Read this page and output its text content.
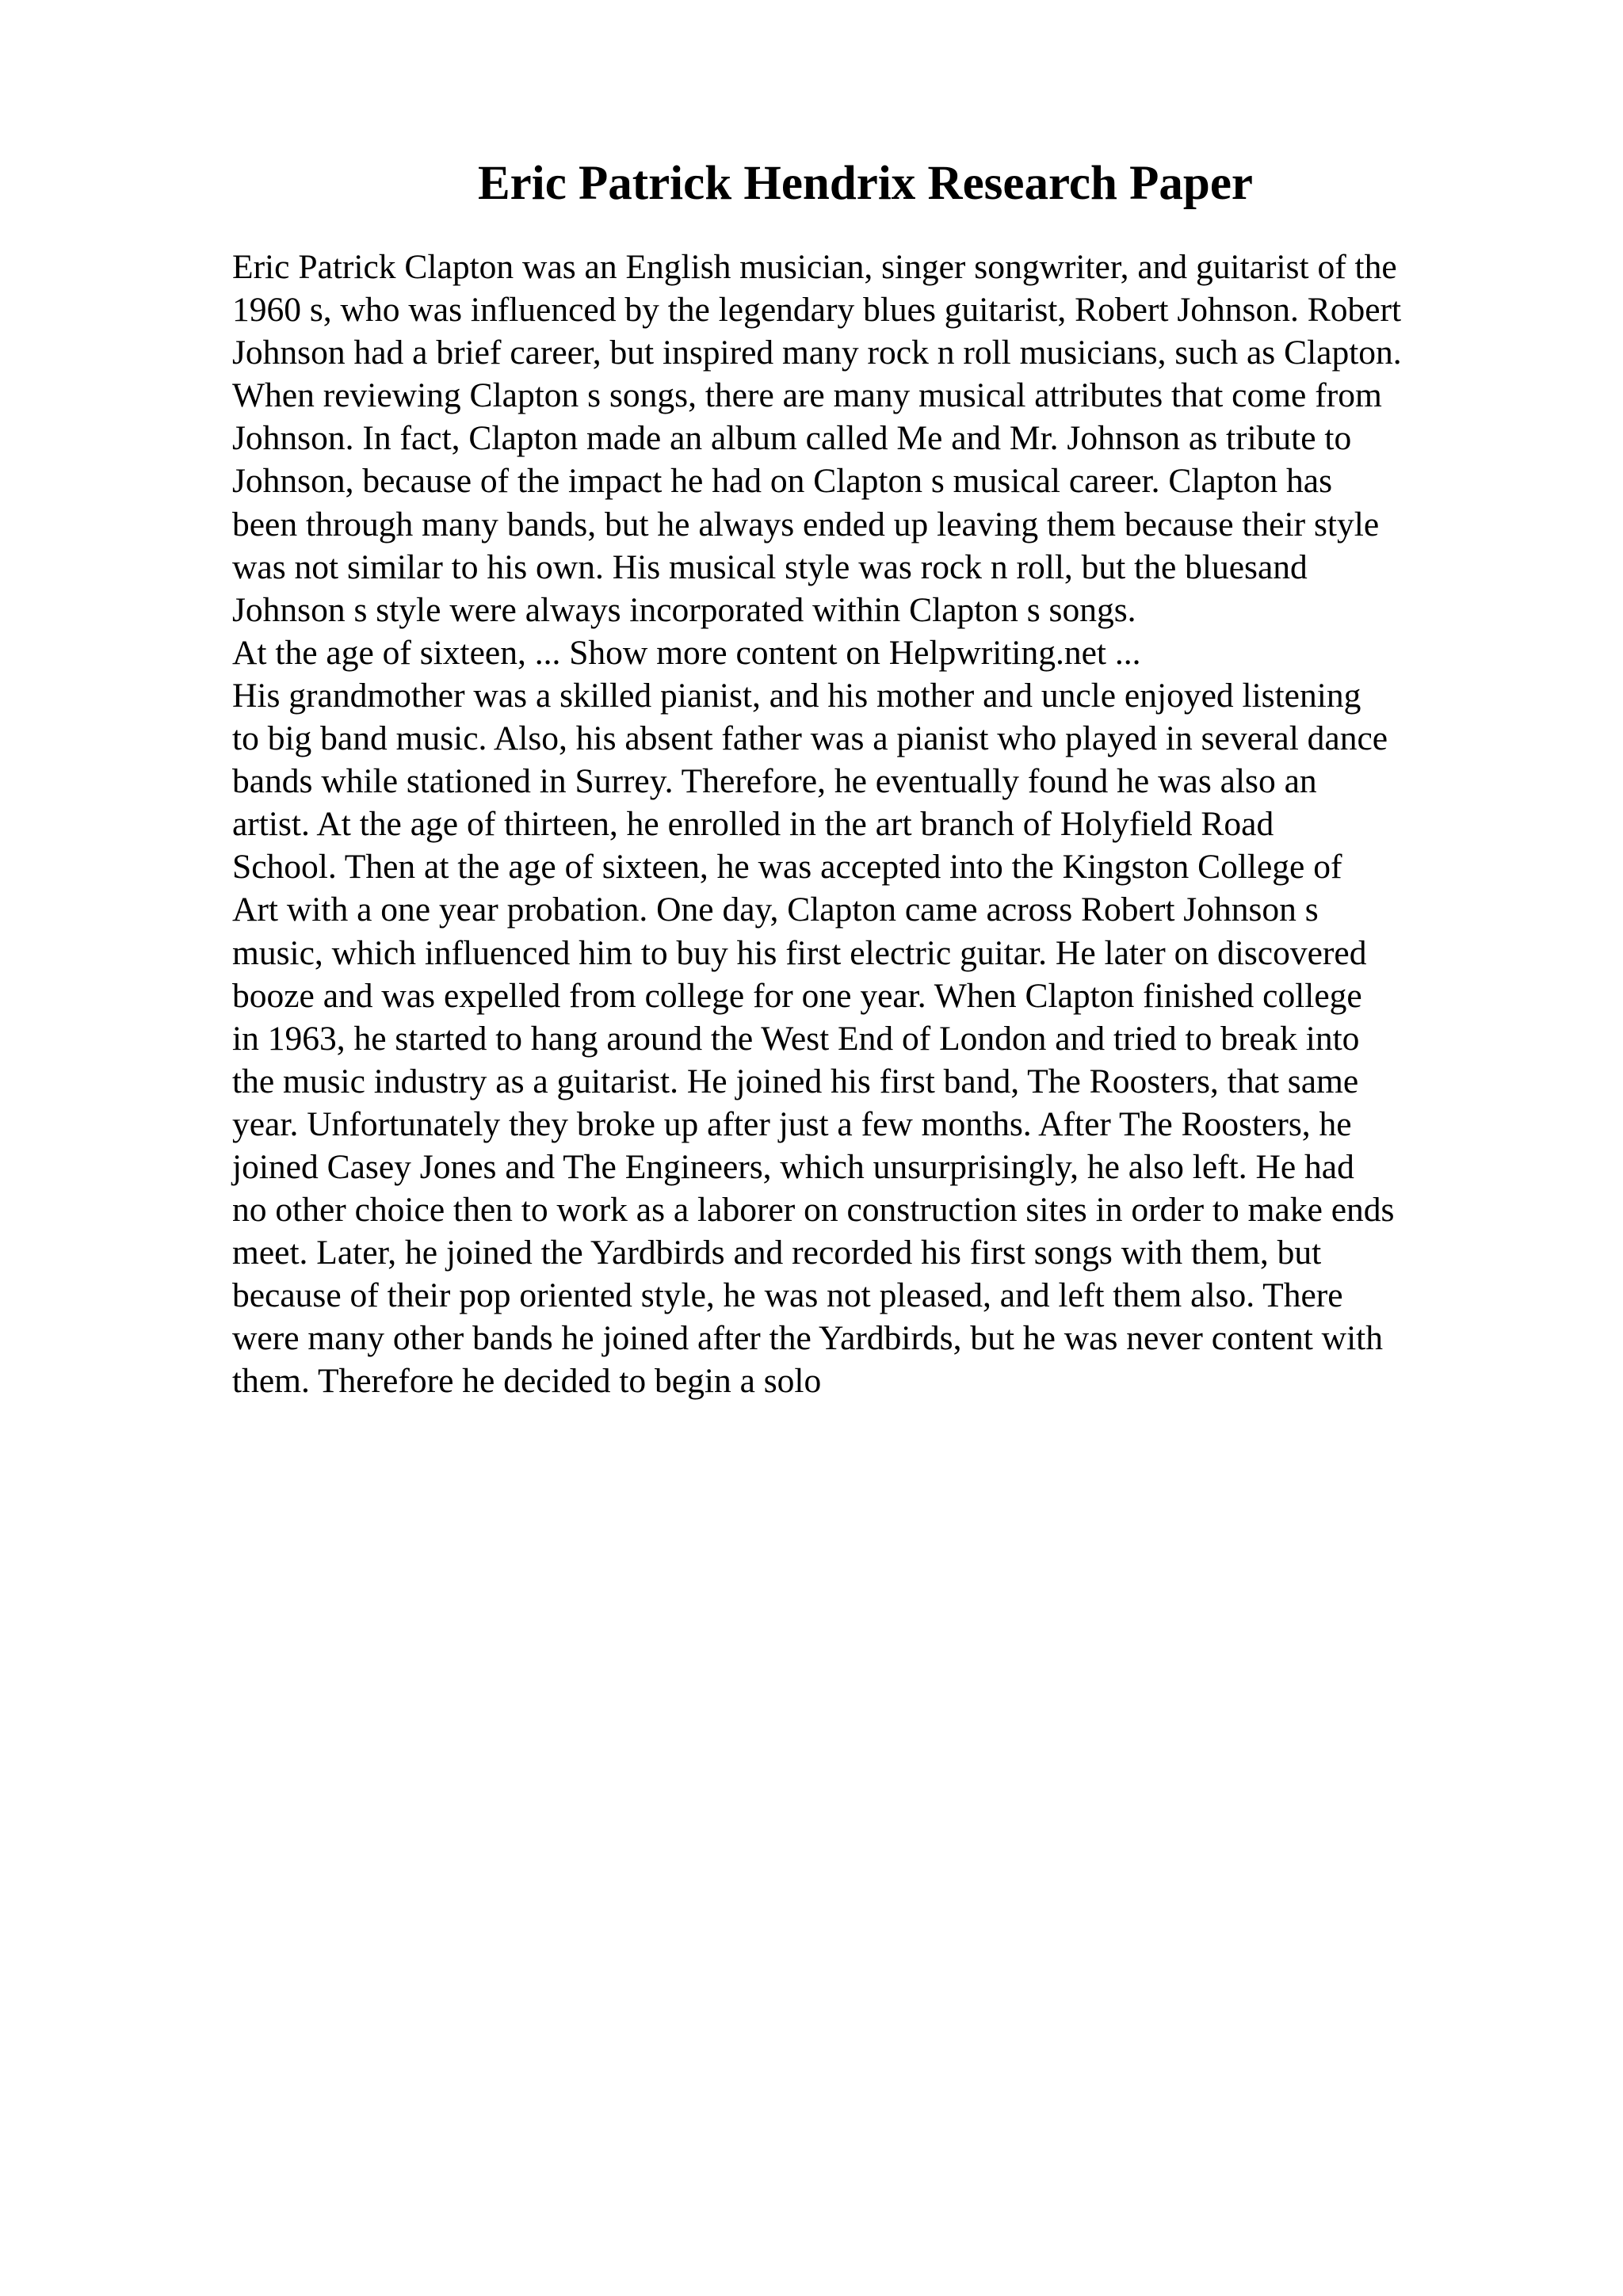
Eric Patrick Hendrix Research Paper
Eric Patrick Clapton was an English musician, singer songwriter, and guitarist of the
1960 s, who was influenced by the legendary blues guitarist, Robert Johnson. Robert
Johnson had a brief career, but inspired many rock n roll musicians, such as Clapton.
When reviewing Clapton s songs, there are many musical attributes that come from
Johnson. In fact, Clapton made an album called Me and Mr. Johnson as tribute to
Johnson, because of the impact he had on Clapton s musical career. Clapton has
been through many bands, but he always ended up leaving them because their style
was not similar to his own. His musical style was rock n roll, but the bluesand
Johnson s style were always incorporated within Clapton s songs.
At the age of sixteen, ... Show more content on Helpwriting.net ...
His grandmother was a skilled pianist, and his mother and uncle enjoyed listening
to big band music. Also, his absent father was a pianist who played in several dance
bands while stationed in Surrey. Therefore, he eventually found he was also an
artist. At the age of thirteen, he enrolled in the art branch of Holyfield Road
School. Then at the age of sixteen, he was accepted into the Kingston College of
Art with a one year probation. One day, Clapton came across Robert Johnson s
music, which influenced him to buy his first electric guitar. He later on discovered
booze and was expelled from college for one year. When Clapton finished college
in 1963, he started to hang around the West End of London and tried to break into
the music industry as a guitarist. He joined his first band, The Roosters, that same
year. Unfortunately they broke up after just a few months. After The Roosters, he
joined Casey Jones and The Engineers, which unsurprisingly, he also left. He had
no other choice then to work as a laborer on construction sites in order to make ends
meet. Later, he joined the Yardbirds and recorded his first songs with them, but
because of their pop oriented style, he was not pleased, and left them also. There
were many other bands he joined after the Yardbirds, but he was never content with
them. Therefore he decided to begin a solo
